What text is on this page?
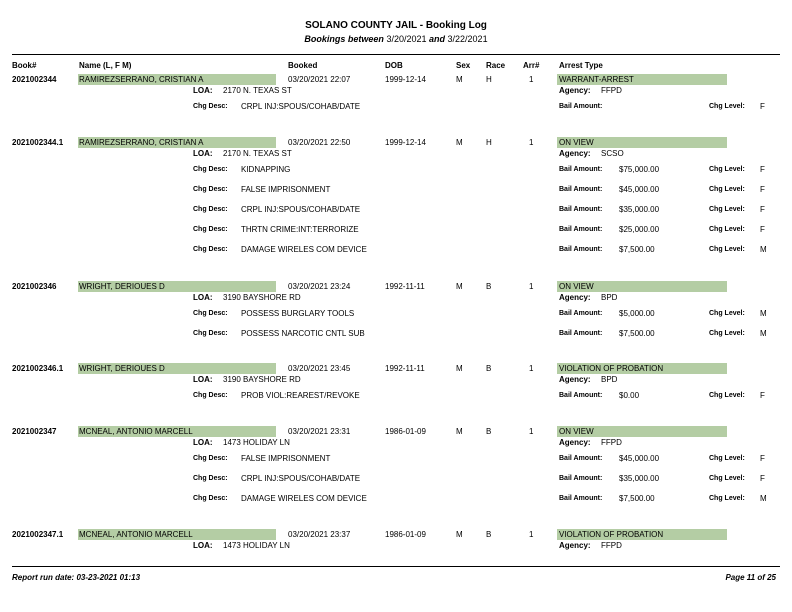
SOLANO COUNTY JAIL - Booking Log
Bookings between 3/20/2021 and 3/22/2021
Book#	Name (L, F M)	Booked	DOB	Sex Race Arr# Arrest Type
2021002344	RAMIREZSERRANO, CRISTIAN A	03/20/2021 22:07	1999-12-14	M	H	1	WARRANT-ARREST
LOA: 2170 N. TEXAS ST	Agency: FFPD
Chg Desc: CRPL INJ:SPOUS/COHAB/DATE	Bail Amount:	Chg Level: F
2021002344.1 RAMIREZSERRANO, CRISTIAN A	03/20/2021 22:50	1999-12-14	M	H	1	ON VIEW
LOA: 2170 N. TEXAS ST	Agency: SCSO
Chg Desc: KIDNAPPING	Bail Amount: $75,000.00	Chg Level: F
Chg Desc: FALSE IMPRISONMENT	Bail Amount: $45,000.00	Chg Level: F
Chg Desc: CRPL INJ:SPOUS/COHAB/DATE	Bail Amount: $35,000.00	Chg Level: F
Chg Desc: THRTN CRIME:INT:TERRORIZE	Bail Amount: $25,000.00	Chg Level: F
Chg Desc: DAMAGE WIRELES COM DEVICE	Bail Amount: $7,500.00	Chg Level: M
2021002346	WRIGHT, DERIOUES D	03/20/2021 23:24	1992-11-11	M	B	1	ON VIEW
LOA: 3190 BAYSHORE RD	Agency: BPD
Chg Desc: POSSESS BURGLARY TOOLS	Bail Amount: $5,000.00	Chg Level: M
Chg Desc: POSSESS NARCOTIC CNTL SUB	Bail Amount: $7,500.00	Chg Level: M
2021002346.1 WRIGHT, DERIOUES D	03/20/2021 23:45	1992-11-11	M	B	1	VIOLATION OF PROBATION
LOA: 3190 BAYSHORE RD	Agency: BPD
Chg Desc: PROB VIOL:REAREST/REVOKE	Bail Amount: $0.00	Chg Level: F
2021002347	MCNEAL, ANTONIO MARCELL	03/20/2021 23:31	1986-01-09	M	B	1	ON VIEW
LOA: 1473 HOLIDAY LN	Agency: FFPD
Chg Desc: FALSE IMPRISONMENT	Bail Amount: $45,000.00	Chg Level: F
Chg Desc: CRPL INJ:SPOUS/COHAB/DATE	Bail Amount: $35,000.00	Chg Level: F
Chg Desc: DAMAGE WIRELES COM DEVICE	Bail Amount: $7,500.00	Chg Level: M
2021002347.1 MCNEAL, ANTONIO MARCELL	03/20/2021 23:37	1986-01-09	M	B	1	VIOLATION OF PROBATION
LOA: 1473 HOLIDAY LN	Agency: FFPD
Report run date: 03-23-2021 01:13	Page 11 of 25
